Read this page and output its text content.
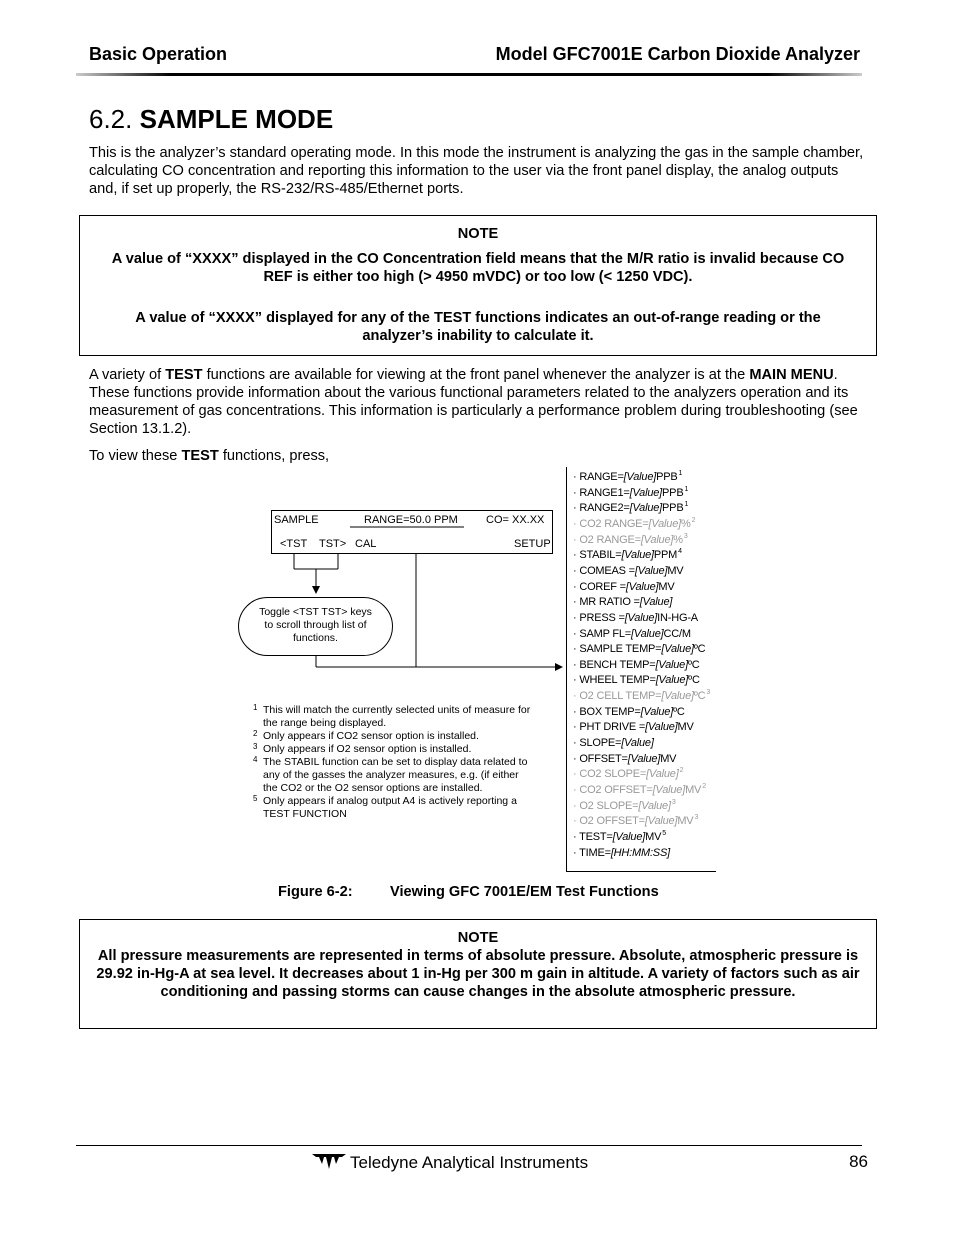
Basic Operation	Model GFC7001E Carbon Dioxide Analyzer
6.2. SAMPLE MODE
This is the analyzer’s standard operating mode. In this mode the instrument is analyzing the gas in the sample chamber, calculating CO concentration and reporting this information to the user via the front panel display, the analog outputs and, if set up properly, the RS-232/RS-485/Ethernet ports.
NOTE
A value of “XXXX” displayed in the CO Concentration field means that the M/R ratio is invalid because CO REF is either too high (> 4950 mVDC) or too low (< 1250 VDC).
A value of “XXXX” displayed for any of the TEST functions indicates an out-of-range reading or the analyzer’s inability to calculate it.
A variety of TEST functions are available for viewing at the front panel whenever the analyzer is at the MAIN MENU. These functions provide information about the various functional parameters related to the analyzers operation and its measurement of gas concentrations. This information is particularly a performance problem during troubleshooting (see Section 13.1.2).
To view these TEST functions, press,
SAMPLE	RANGE=50.0 PPM	CO= XX.XX
<TST TST> CAL	SETUP
Toggle <TST TST> keys
to scroll through list of
functions.
· $RANGE=[Value]PPB^1$
· $RANGE1=[Value]PPB^1$
· $RANGE2=[Value]PPB^1$
· CO2 RANGE=[Value]%$^2$
· O2 RANGE=[Value]%$^3$
· $STABIL=[Value]PPM^4$
· COMEAS =[Value]MV
· COREF =[Value]MV
· MR RATIO =[Value]
· PRESS =[Value]IN-HG-A
· SAMP FL=[Value]CC/M
· SAMPLE TEMP=[Value]ºC
· BENCH TEMP=[Value]ºC
· WHEEL TEMP=[Value]ºC
· O2 CELL TEMP=[Value]ºC$^3$
· BOX TEMP=[Value]ºC
· PHT DRIVE =[Value]MV
· SLOPE=[Value]
· OFFSET=[Value]MV
· CO2 SLOPE=[Value]$^2$
· CO2 $OFFSET=[Value]MV^2$
· O2 SLOPE=[Value]$^3$
· O2 $OFFSET=[Value]MV^3$
· $TEST=[Value]MV^5$
· TIME=[HH:MM:SS]
1 This will match the currently selected units of measure for
the range being displayed.
2 Only appears if CO2 sensor option is installed.
3 Only appears if O2 sensor option is installed.
4 The STABIL function can be set to display data related to
any of the gasses the analyzer measures, e.g. (if either
the CO2 or the O2 sensor options are installed.
5 Only appears if analog output A4 is actively reporting a
TEST FUNCTION
Figure 6-2:	Viewing GFC 7001E/EM Test Functions
NOTE
All pressure measurements are represented in terms of absolute pressure. Absolute, atmospheric pressure is 29.92 in-Hg-A at sea level. It decreases about 1 in-Hg per 300 m gain in altitude. A variety of factors such as air conditioning and passing storms can cause changes in the absolute atmospheric pressure.
Teledyne Analytical Instruments	86
